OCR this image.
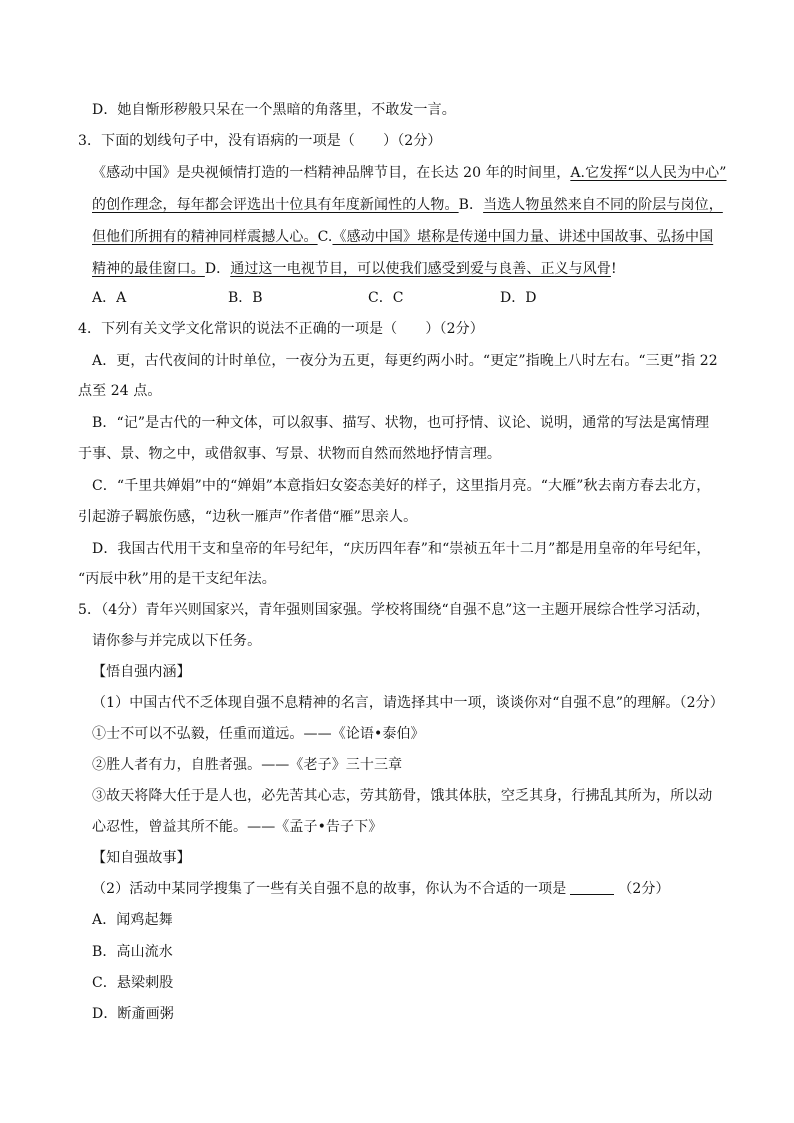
D．她自惭形秽般只呆在一个黑暗的角落里，不敢发一言。
3．下面的划线句子中，没有语病的一项是（　　）（2分）
《感动中国》是央视倾情打造的一档精神品牌节目，在长达 20 年的时间里，A.它发挥“以人民为中心”
的创作理念，每年都会评选出十位具有年度新闻性的人物。B．当选人物虽然来自不同的阶层与岗位，
但他们所拥有的精神同样震撼人心。C.《感动中国》堪称是传递中国力量、讲述中国故事、弘扬中国
精神的最佳窗口。D．通过这一电视节目，可以使我们感受到爱与良善、正义与风骨!
A．A	B．B	C．C	D．D
4．下列有关文学文化常识的说法不正确的一项是（　　）（2分）
A．更，古代夜间的计时单位，一夜分为五更，每更约两小时。“更定”指晚上八时左右。“三更”指 22
点至 24 点。
B．“记”是古代的一种文体，可以叙事、描写、状物，也可抒情、议论、说明，通常的写法是寓情理
于事、景、物之中，或借叙事、写景、状物而自然而然地抒情言理。
C．“千里共婵娟”中的“婵娟”本意指妇女姿态美好的样子，这里指月亮。“大雁”秋去南方春去北方，
引起游子羁旅伤感，“边秋一雁声”作者借“雁”思亲人。
D．我国古代用干支和皇帝的年号纪年，“庆历四年春”和“崇祯五年十二月”都是用皇帝的年号纪年，
“丙辰中秋”用的是干支纪年法。
5．（4分）青年兴则国家兴，青年强则国家强。学校将围绕“自强不息”这一主题开展综合性学习活动，
请你参与并完成以下任务。
【悟自强内涵】
（1）中国古代不乏体现自强不息精神的名言，请选择其中一项，谈谈你对“自强不息”的理解。（2分）
①士不可以不弘毅，任重而道远。——《论语•泰伯》
②胜人者有力，自胜者强。——《老子》三十三章
③故天将降大任于是人也，必先苦其心志，劳其筋骨，饿其体肤，空乏其身，行拂乱其所为，所以动
心忍性，曾益其所不能。——《孟子•告子下》
【知自强故事】
（2）活动中某同学搜集了一些有关自强不息的故事，你认为不合适的一项是	（2分）
A．闻鸡起舞
B．高山流水
C．悬梁刺股
D．断齑画粥
